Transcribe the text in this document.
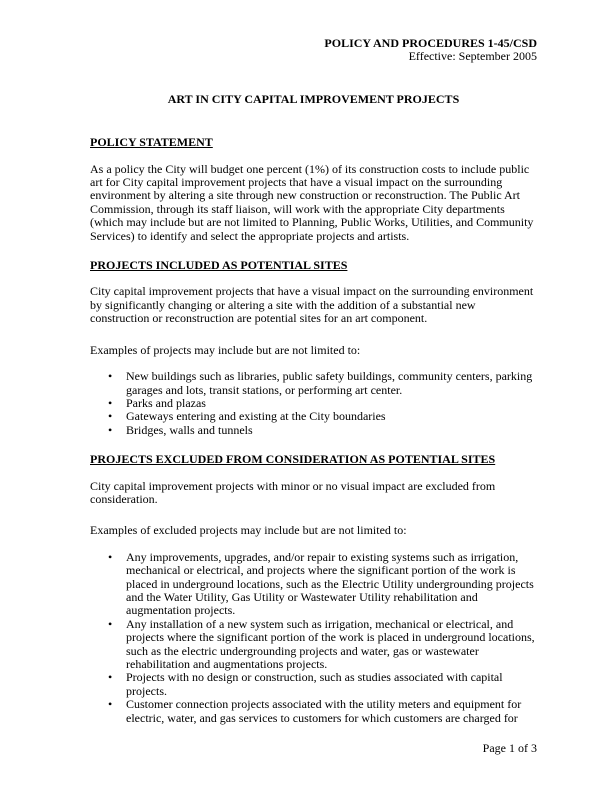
POLICY AND PROCEDURES 1-45/CSD
Effective: September 2005
ART IN CITY CAPITAL IMPROVEMENT PROJECTS
POLICY STATEMENT

As a policy the City will budget one percent (1%) of its construction costs to include public art for City capital improvement projects that have a visual impact on the surrounding environment by altering a site through new construction or reconstruction. The Public Art Commission, through its staff liaison, will work with the appropriate City departments (which may include but are not limited to Planning, Public Works, Utilities, and Community Services) to identify and select the appropriate projects and artists.

PROJECTS INCLUDED AS POTENTIAL SITES

City capital improvement projects that have a visual impact on the surrounding environment by significantly changing or altering a site with the addition of a substantial new construction or reconstruction are potential sites for an art component.

Examples of projects may include but are not limited to:

• New buildings such as libraries, public safety buildings, community centers, parking garages and lots, transit stations, or performing art center.
• Parks and plazas
• Gateways entering and existing at the City boundaries
• Bridges, walls and tunnels
PROJECTS EXCLUDED FROM CONSIDERATION AS POTENTIAL SITES

City capital improvement projects with minor or no visual impact are excluded from consideration.

Examples of excluded projects may include but are not limited to:

• Any improvements, upgrades, and/or repair to existing systems such as irrigation, mechanical or electrical, and projects where the significant portion of the work is placed in underground locations, such as the Electric Utility undergrounding projects and the Water Utility, Gas Utility or Wastewater Utility rehabilitation and augmentation projects.
• Any installation of a new system such as irrigation, mechanical or electrical, and projects where the significant portion of the work is placed in underground locations, such as the electric undergrounding projects and water, gas or wastewater rehabilitation and augmentations projects.
• Projects with no design or construction, such as studies associated with capital projects.
• Customer connection projects associated with the utility meters and equipment for electric, water, and gas services to customers for which customers are charged for
Page 1 of 3
